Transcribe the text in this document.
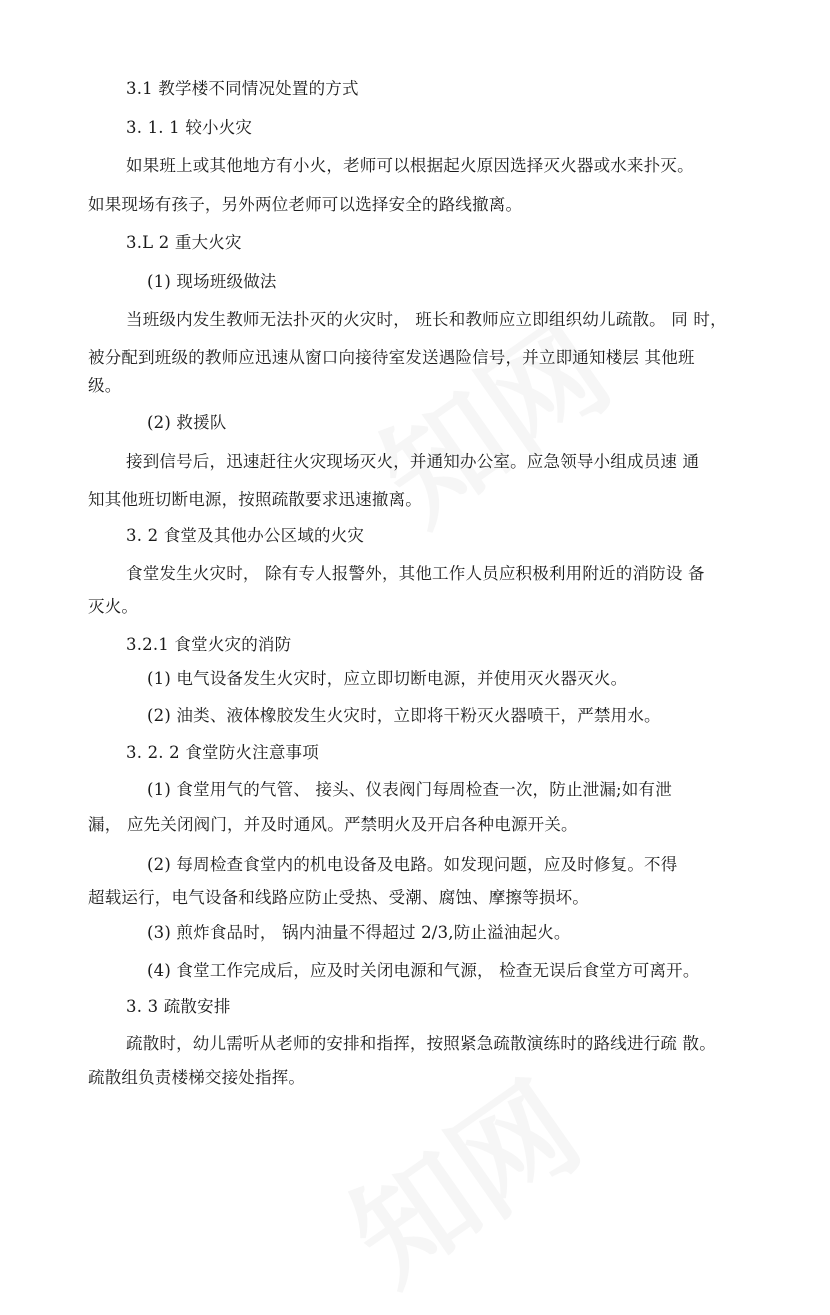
3.1 教学楼不同情况处置的方式
3. 1. 1 较小火灾
如果班上或其他地方有小火，老师可以根据起火原因选择灭火器或水来扑灭。
如果现场有孩子，另外两位老师可以选择安全的路线撤离。
3.L 2 重大火灾
(1) 现场班级做法
当班级内发生教师无法扑灭的火灾时， 班长和教师应立即组织幼儿疏散。 同 时，
被分配到班级的教师应迅速从窗口向接待室发送遇险信号，并立即通知楼层 其他班
级。
(2) 救援队
接到信号后，迅速赶往火灾现场灭火，并通知办公室。应急领导小组成员速 通
知其他班切断电源，按照疏散要求迅速撤离。
3. 2 食堂及其他办公区域的火灾
食堂发生火灾时， 除有专人报警外，其他工作人员应积极利用附近的消防设 备
灭火。
3.2.1 食堂火灾的消防
(1) 电气设备发生火灾时，应立即切断电源，并使用灭火器灭火。
(2) 油类、液体橡胶发生火灾时，立即将干粉灭火器喷干，严禁用水。
3. 2. 2 食堂防火注意事项
(1) 食堂用气的气管、 接头、仪表阀门每周检查一次，防止泄漏;如有泄
漏， 应先关闭阀门，并及时通风。严禁明火及开启各种电源开关。
(2) 每周检查食堂内的机电设备及电路。如发现问题，应及时修复。不得
超载运行，电气设备和线路应防止受热、受潮、腐蚀、摩擦等损坏。
(3) 煎炸食品时， 锅内油量不得超过 2/3,防止溢油起火。
(4) 食堂工作完成后，应及时关闭电源和气源， 检查无误后食堂方可离开。
3. 3 疏散安排
疏散时，幼儿需听从老师的安排和指挥，按照紧急疏散演练时的路线进行疏 散。
疏散组负责楼梯交接处指挥。
